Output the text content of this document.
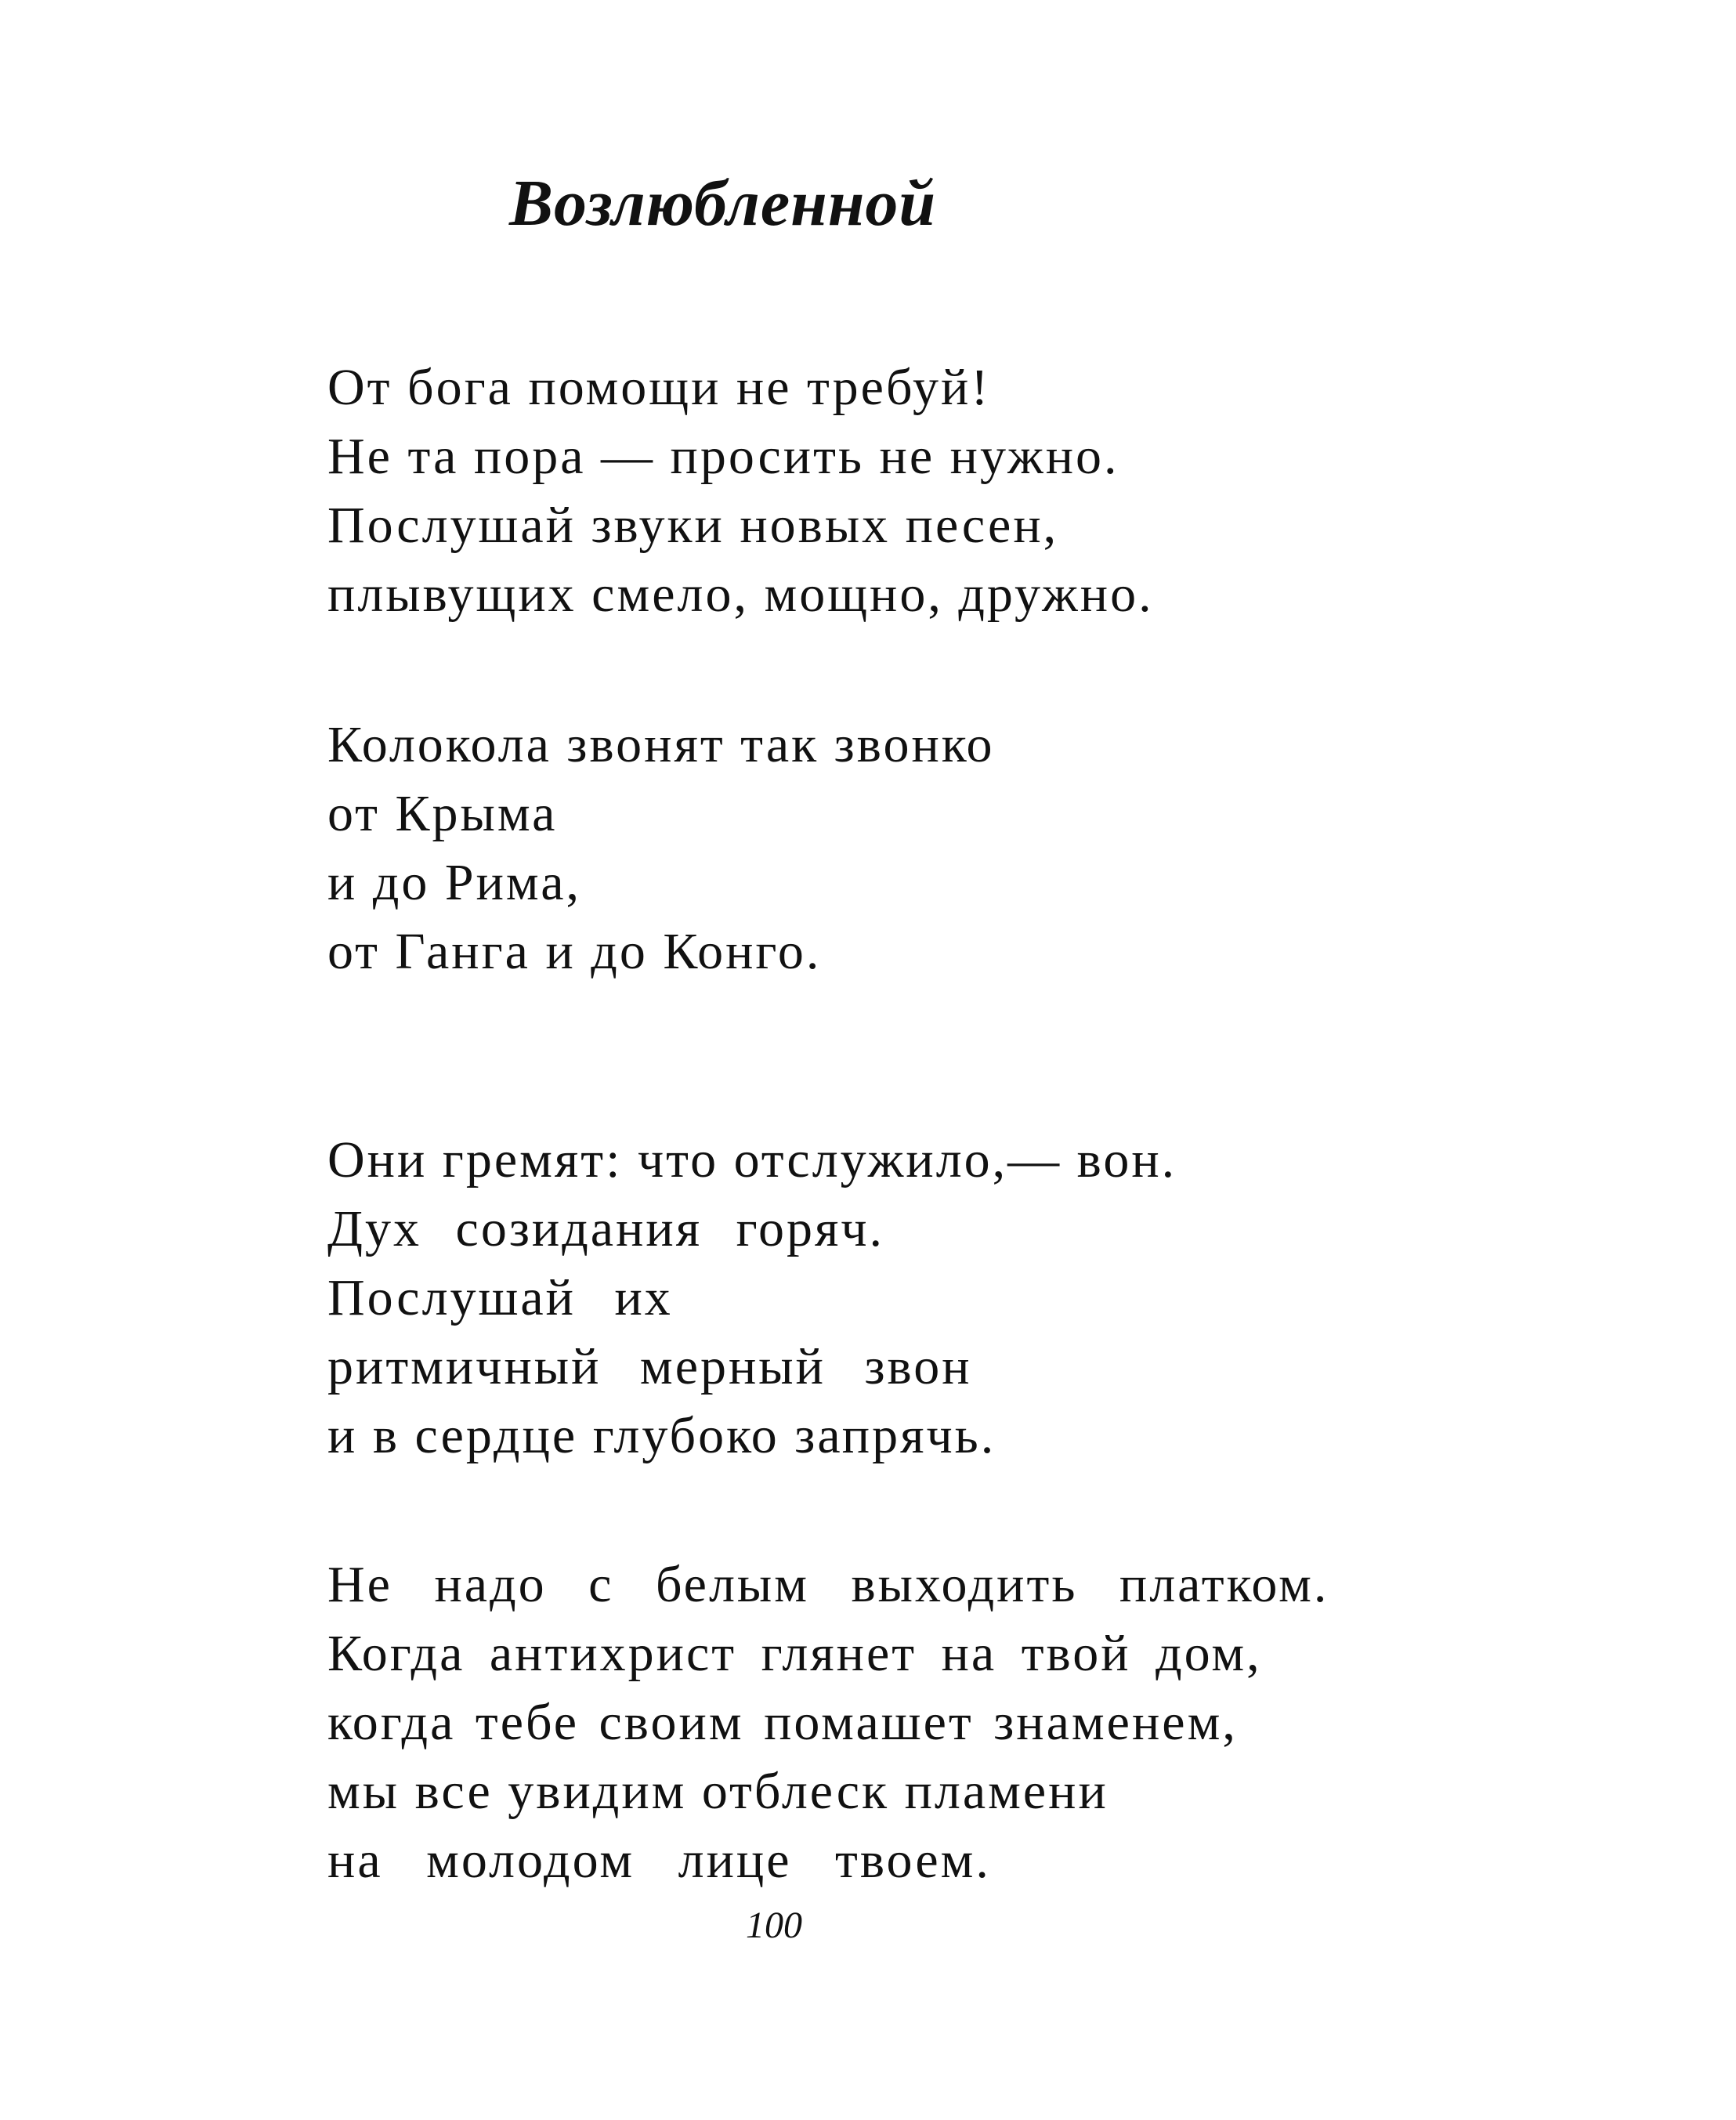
Возлюбленной

От бога помощи не требуй!

Не та пора — просить не нужно.

Послушай звуки новых песен,

плывущих смело, мощно, дружно.

Колокола звонят так звонко

от Крыма

и до Рима,

от Ганга и до Конго.

Они гремят: что отслужило,— вон.

Дух созидания горяч.

Послушай их

ритмичный мерный звон

и в сердце глубоко запрячь.

Не надо с белым выходить платком.

Когда антихрист глянет на твой дом,

когда тебе своим помашет знаменем,

мы все увидим отблеск пламени

на молодом лице твоем.

100
